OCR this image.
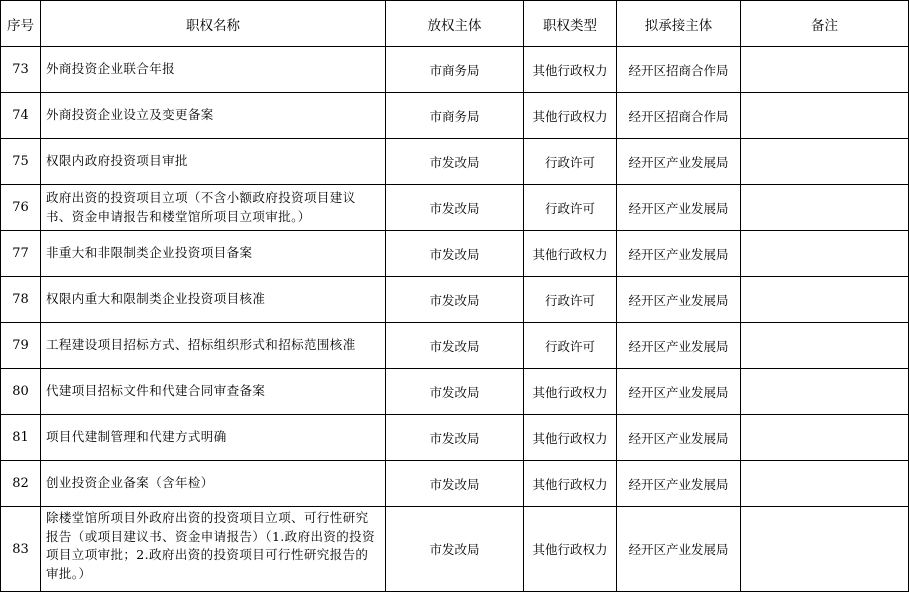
序号	职权名称	放权主体	职权类型	拟承接主体	备注
73	外商投资企业联合年报	市商务局	其他行政权力	经开区招商合作局	
74	外商投资企业设立及变更备案	市商务局	其他行政权力	经开区招商合作局	
75	权限内政府投资项目审批	市发改局	行政许可	经开区产业发展局	
76	政府出资的投资项目立项（不含小额政府投资项目建议书、资金申请报告和楼堂馆所项目立项审批。）	市发改局	行政许可	经开区产业发展局	
77	非重大和非限制类企业投资项目备案	市发改局	其他行政权力	经开区产业发展局	
78	权限内重大和限制类企业投资项目核准	市发改局	行政许可	经开区产业发展局	
79	工程建设项目招标方式、招标组织形式和招标范围核准	市发改局	行政许可	经开区产业发展局	
80	代建项目招标文件和代建合同审查备案	市发改局	其他行政权力	经开区产业发展局	
81	项目代建制管理和代建方式明确	市发改局	其他行政权力	经开区产业发展局	
82	创业投资企业备案（含年检）	市发改局	其他行政权力	经开区产业发展局	
83	除楼堂馆所项目外政府出资的投资项目立项、可行性研究报告（或项目建议书、资金申请报告）（1.政府出资的投资项目立项审批；2.政府出资的投资项目可行性研究报告的审批。）	市发改局	其他行政权力	经开区产业发展局	
